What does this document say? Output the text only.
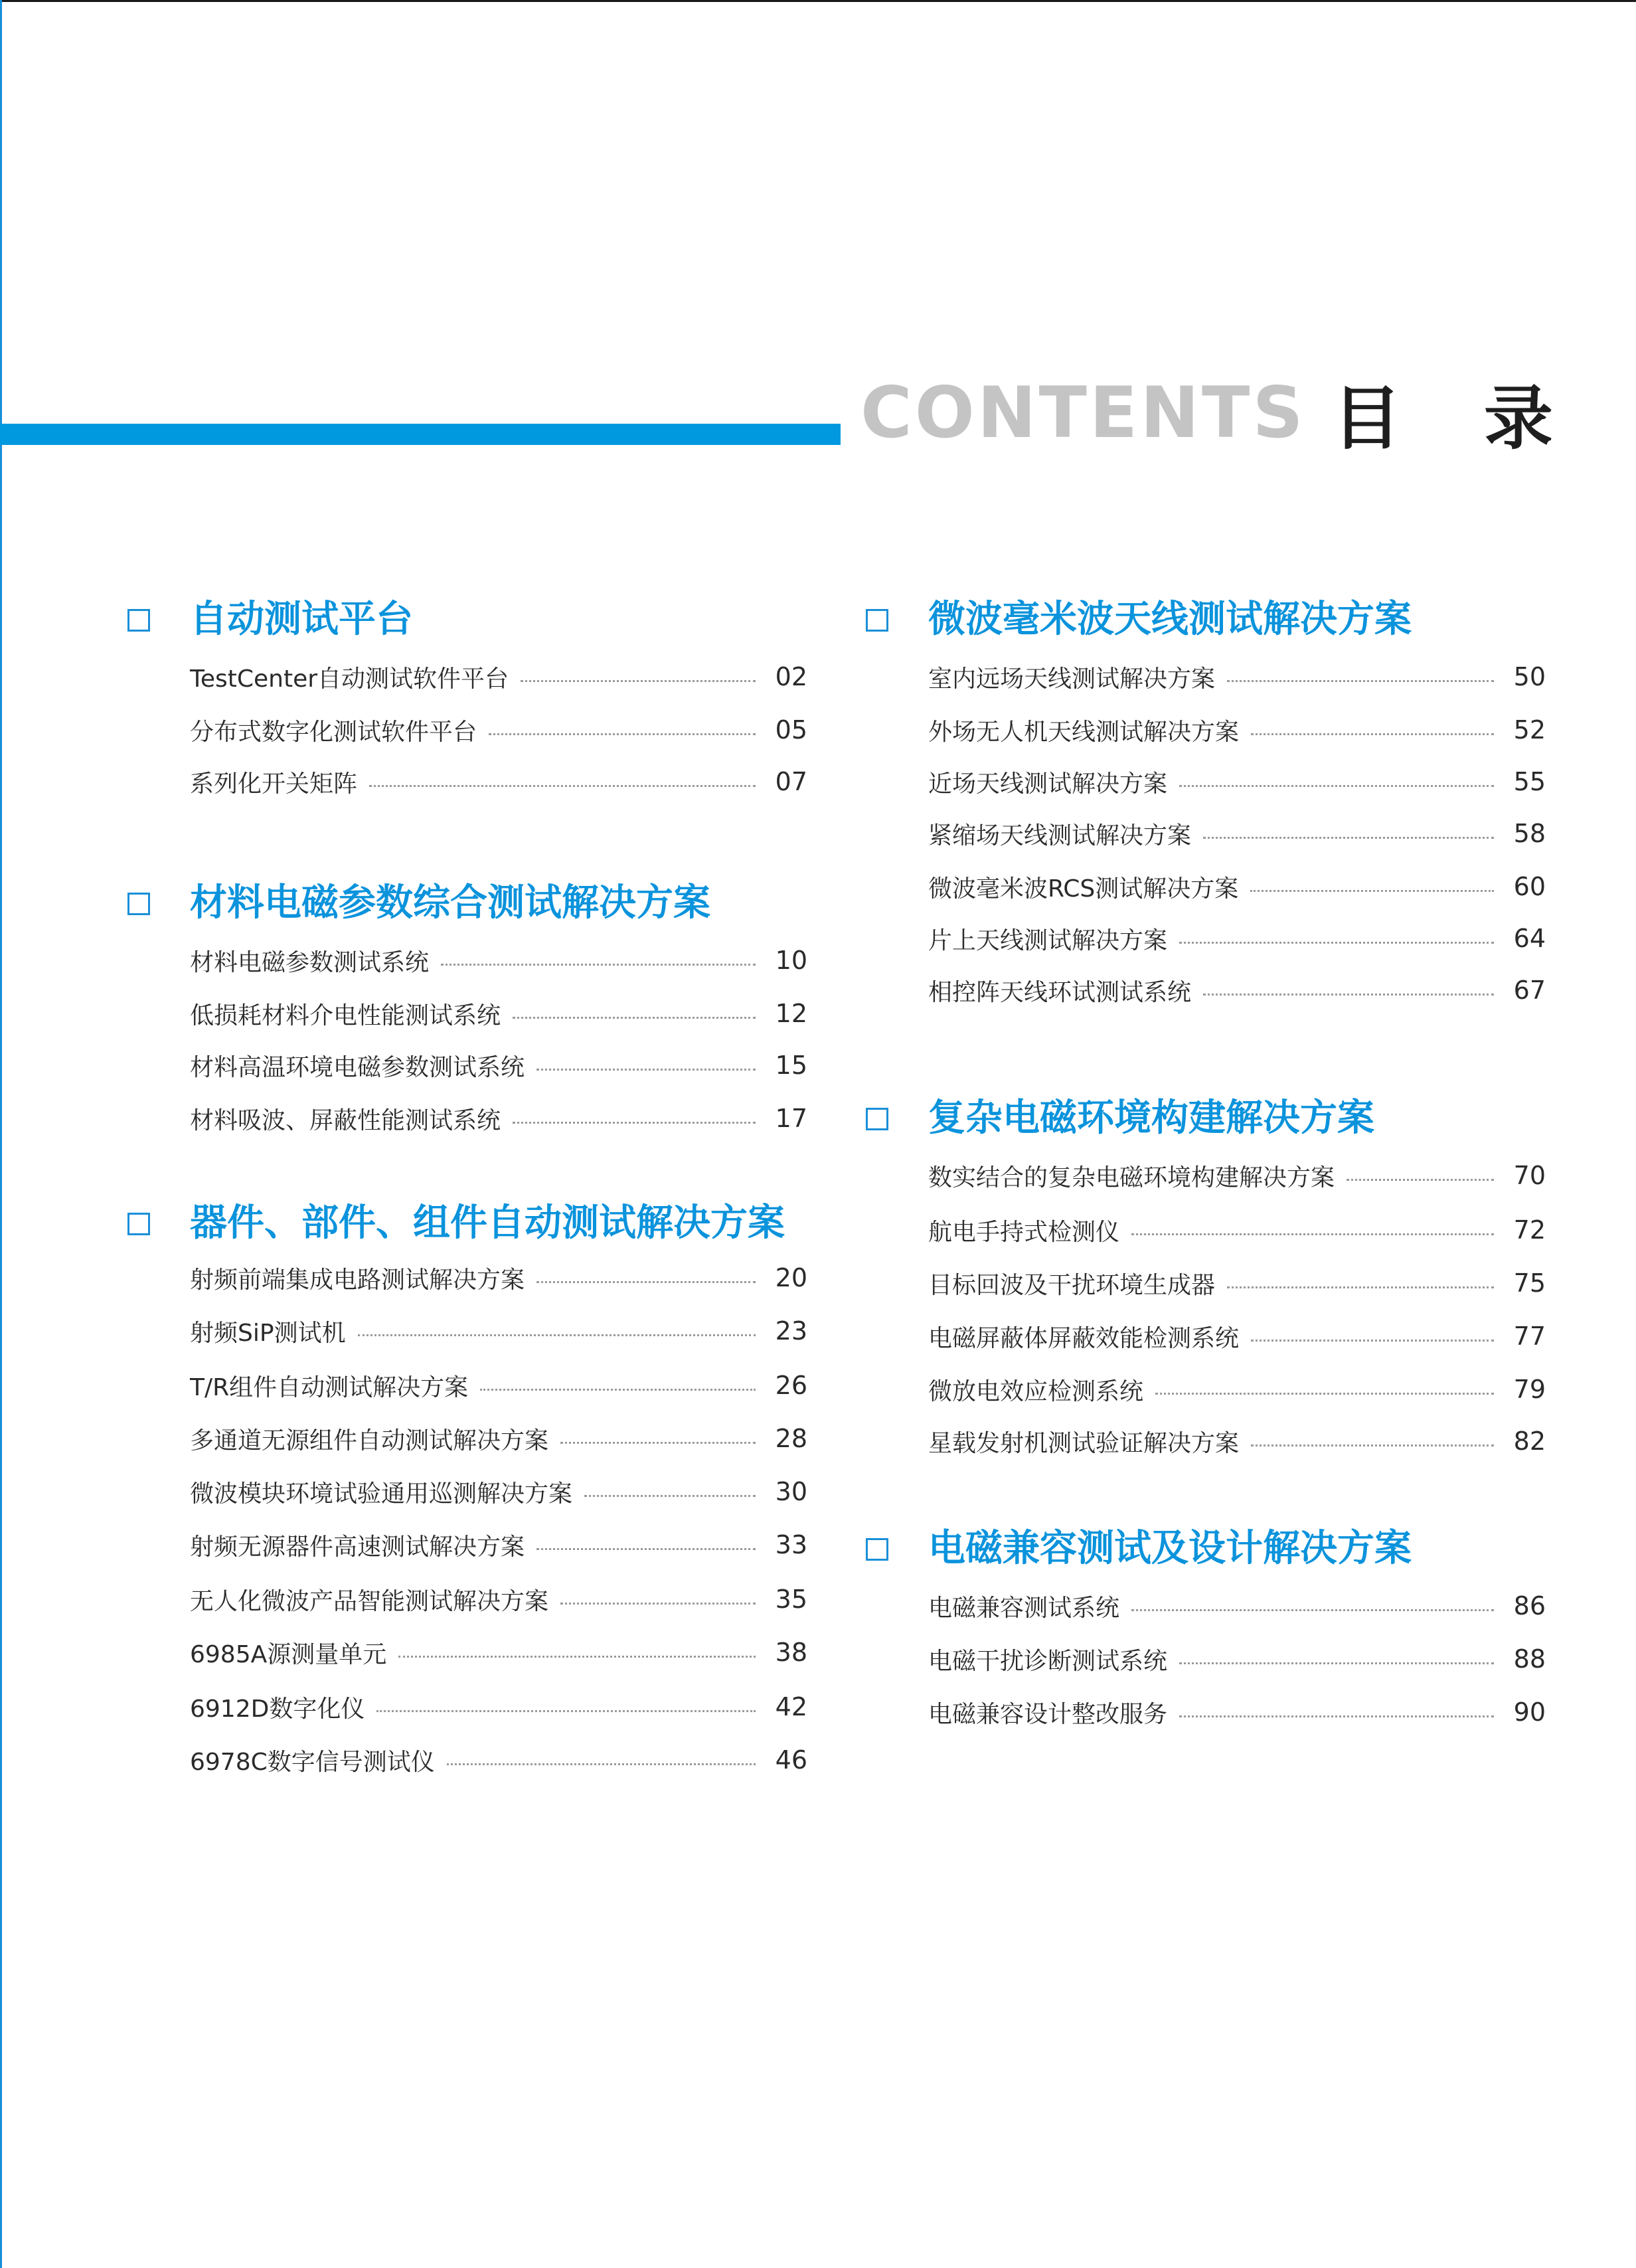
CONTENTS 目 录
自动测试平台
TestCenter自动测试软件平台	02
分布式数字化测试软件平台	05
系列化开关矩阵	07
材料电磁参数综合测试解决方案
材料电磁参数测试系统	10
低损耗材料介电性能测试系统	12
材料高温环境电磁参数测试系统	15
材料吸波、屏蔽性能测试系统	17
器件、部件、组件自动测试解决方案
射频前端集成电路测试解决方案	20
射频SiP测试机	23
T/R组件自动测试解决方案	26
多通道无源组件自动测试解决方案	28
微波模块环境试验通用巡测解决方案	30
射频无源器件高速测试解决方案	33
无人化微波产品智能测试解决方案	35
6985A源测量单元	38
6912D数字化仪	42
6978C数字信号测试仪	46
微波毫米波天线测试解决方案
室内远场天线测试解决方案	50
外场无人机天线测试解决方案	52
近场天线测试解决方案	55
紧缩场天线测试解决方案	58
微波毫米波RCS测试解决方案	60
片上天线测试解决方案	64
相控阵天线环试测试系统	67
复杂电磁环境构建解决方案
数实结合的复杂电磁环境构建解决方案	70
航电手持式检测仪	72
目标回波及干扰环境生成器	75
电磁屏蔽体屏蔽效能检测系统	77
微放电效应检测系统	79
星载发射机测试验证解决方案	82
电磁兼容测试及设计解决方案
电磁兼容测试系统	86
电磁干扰诊断测试系统	88
电磁兼容设计整改服务	90
